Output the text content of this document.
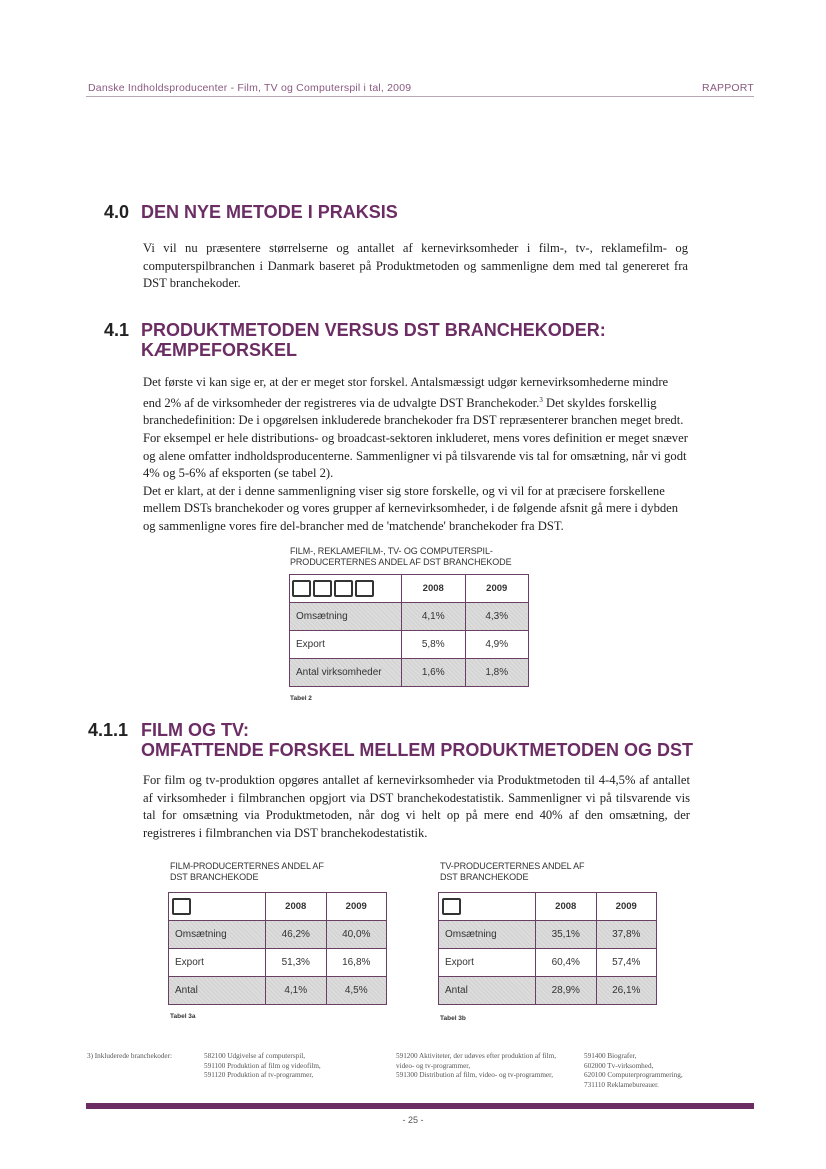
Danske Indholdsproducenter - Film, TV og Computerspil i tal, 2009	RAPPORT
4.0 DEN NYE METODE I PRAKSIS

Vi vil nu præsentere størrelserne og antallet af kernevirksomheder i film-, tv-, reklamefilm- og computerspilbranchen i Danmark baseret på Produktmetoden og sammenligne dem med tal genereret fra DST branchekoder.

4.1 PRODUKTMETODEN VERSUS DST BRANCHEKODER:
KÆMPEFORSKEL

Det første vi kan sige er, at der er meget stor forskel. Antalsmæssigt udgør kernevirksomhederne mindre end 2% af de virksomheder der registreres via de udvalgte DST Branchekoder.$^3$ Det skyldes forskellig branchedefinition: De i opgørelsen inkluderede branchekoder fra DST repræsenterer branchen meget bredt. For eksempel er hele distributions- og broadcast-sektoren inkluderet, mens vores definition er meget snæver og alene omfatter indholdsproducenterne. Sammenligner vi på tilsvarende vis tal for omsætning, når vi godt 4% og 5-6% af eksporten (se tabel 2).

Det er klart, at der i denne sammenligning viser sig store forskelle, og vi vil for at præcisere forskellene mellem DSTs branchekoder og vores grupper af kernevirksomheder, i de følgende afsnit gå mere i dybden og sammenligne vores fire del-brancher med de 'matchende' branchekoder fra DST.

FILM-, REKLAMEFILM-, TV- OG COMPUTERSPIL-
PRODUCERTERNES ANDEL AF DST BRANCHEKODE
	2008	2009
Omsætning	4,1%	4,3%
Export	5,8%	4,9%
Antal virksomheder	1,6%	1,8%
Tabel 2
4.1.1 FILM OG TV:
OMFATTENDE FORSKEL MELLEM PRODUKTMETODEN OG DST

For film og tv-produktion opgøres antallet af kernevirksomheder via Produktmetoden til 4-4,5% af antallet af virksomheder i filmbranchen opgjort via DST branchekodestatistik. Sammenligner vi på tilsvarende vis tal for omsætning via Produktmetoden, når dog vi helt op på mere end 40% af den omsætning, der registreres i filmbranchen via DST branchekodestatistik.

FILM-PRODUCERTERNES ANDEL AF
DST BRANCHEKODE
	2008	2009
Omsætning	46,2%	40,0%
Export	51,3%	16,8%
Antal	4,1%	4,5%
Tabel 3a
TV-PRODUCERTERNES ANDEL AF
DST BRANCHEKODE
	2008	2009
Omsætning	35,1%	37,8%
Export	60,4%	57,4%
Antal	28,9%	26,1%
Tabel 3b
3) Inkluderede branchekoder:	582100 Udgivelse af computerspil,
591100 Produktion af film og videofilm,
591120 Produktion af tv-programmer,
591200 Aktiviteter, der udøves efter produktion af film, video- og tv-programmer,
591300 Distribution af film, video- og tv-programmer,
591400 Biografer,
602000 Tv-virksomhed,
620100 Computerprogrammering,
731110 Reklamebureauer.
- 25 -
